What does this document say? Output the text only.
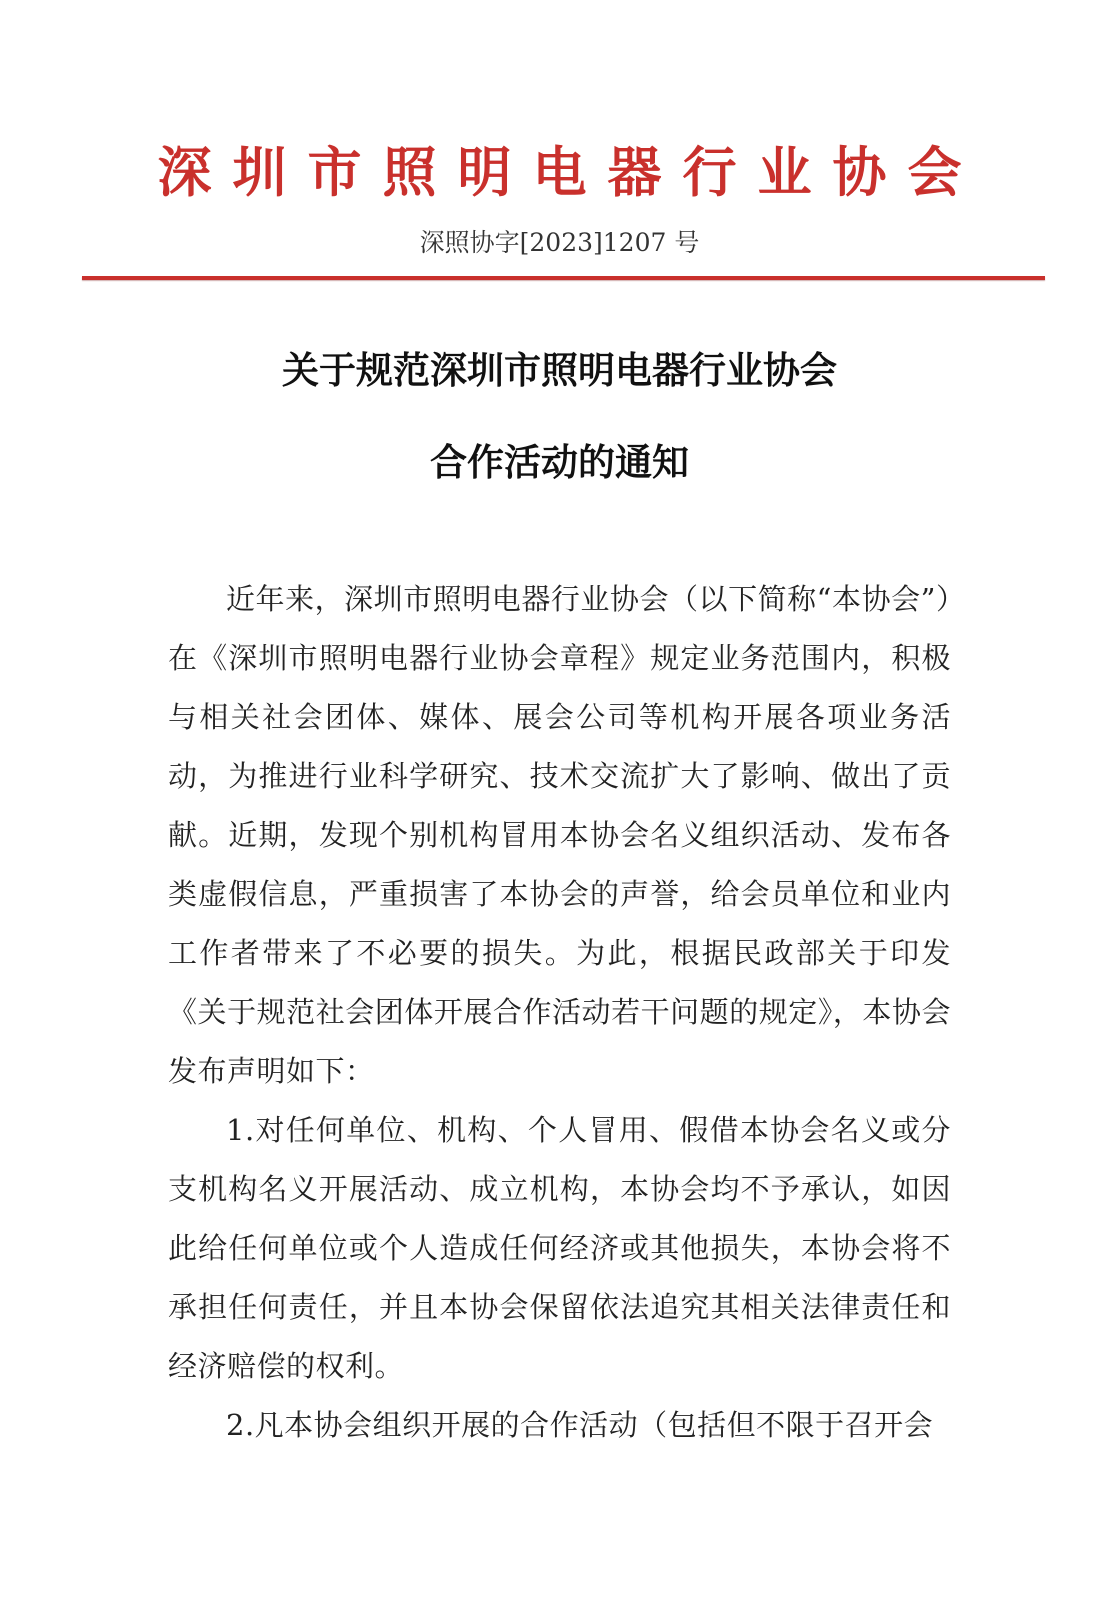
深圳市照明电器行业协会
深照协字[2023]1207 号
关于规范深圳市照明电器行业协会
合作活动的通知

近年来，深圳市照明电器行业协会（以下简称“本协会”）在《深圳市照明电器行业协会章程》规定业务范围内，积极与相关社会团体、媒体、展会公司等机构开展各项业务活动，为推进行业科学研究、技术交流扩大了影响、做出了贡献。近期，发现个别机构冒用本协会名义组织活动、发布各类虚假信息，严重损害了本协会的声誉，给会员单位和业内工作者带来了不必要的损失。为此，根据民政部关于印发《关于规范社会团体开展合作活动若干问题的规定》，本协会发布声明如下：

1.对任何单位、机构、个人冒用、假借本协会名义或分支机构名义开展活动、成立机构，本协会均不予承认，如因此给任何单位或个人造成任何经济或其他损失，本协会将不承担任何责任，并且本协会保留依法追究其相关法律责任和经济赔偿的权利。

2.凡本协会组织开展的合作活动（包括但不限于召开会
